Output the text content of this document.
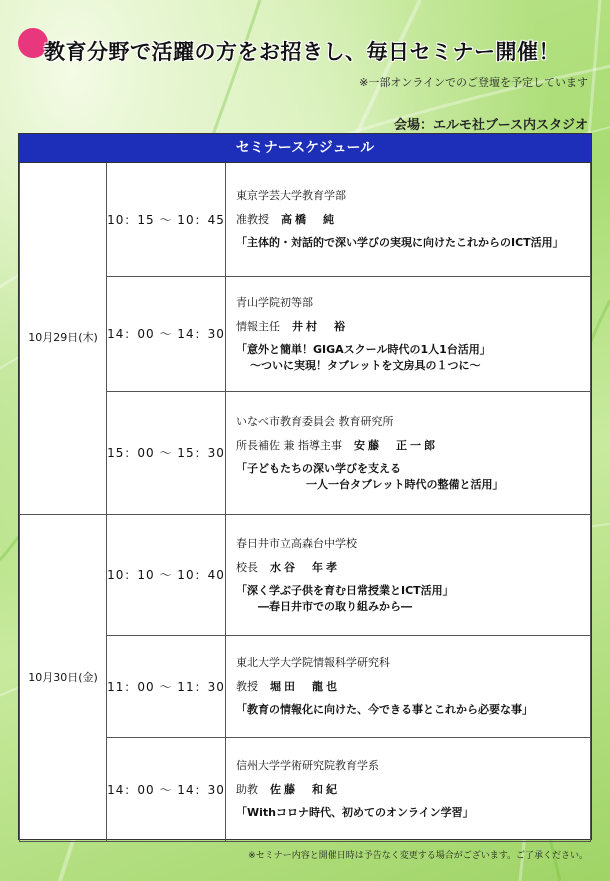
教育分野で活躍の方をお招きし、毎日セミナー開催！
※一部オンラインでのご登壇を予定しています
会場：エルモ社ブース内スタジオ
セミナースケジュール
10月29日(木)	10：15 ～ 10：45	東京学芸大学教育学部
准教授 高橋　純
「主体的・対話的で深い学びの実現に向けたこれからのICT活用」

	14：00 ～ 14：30	青山学院初等部
情報主任 井村　裕
「意外と簡単！GIGAスクール時代の1人1台活用」
～ついに実現！タブレットを文房具の１つに～

	15：00 ～ 15：30	いなべ市教育委員会 教育研究所
所長補佐 兼 指導主事 安藤　正一郎
「子どもたちの深い学びを支える
一人一台タブレット時代の整備と活用」

10月30日(金)	10：10 ～ 10：40	春日井市立高森台中学校
校長 水谷　年孝
「深く学ぶ子供を育む日常授業とICT活用」
―春日井市での取り組みから―

	11：00 ～ 11：30	東北大学大学院情報科学研究科
教授 堀田　龍也
「教育の情報化に向けた、今できる事とこれから必要な事」

	14：00 ～ 14：30	信州大学学術研究院教育学系
助教 佐藤　和紀
「Withコロナ時代、初めてのオンライン学習」
※セミナー内容と開催日時は予告なく変更する場合がございます。ご了承ください。
